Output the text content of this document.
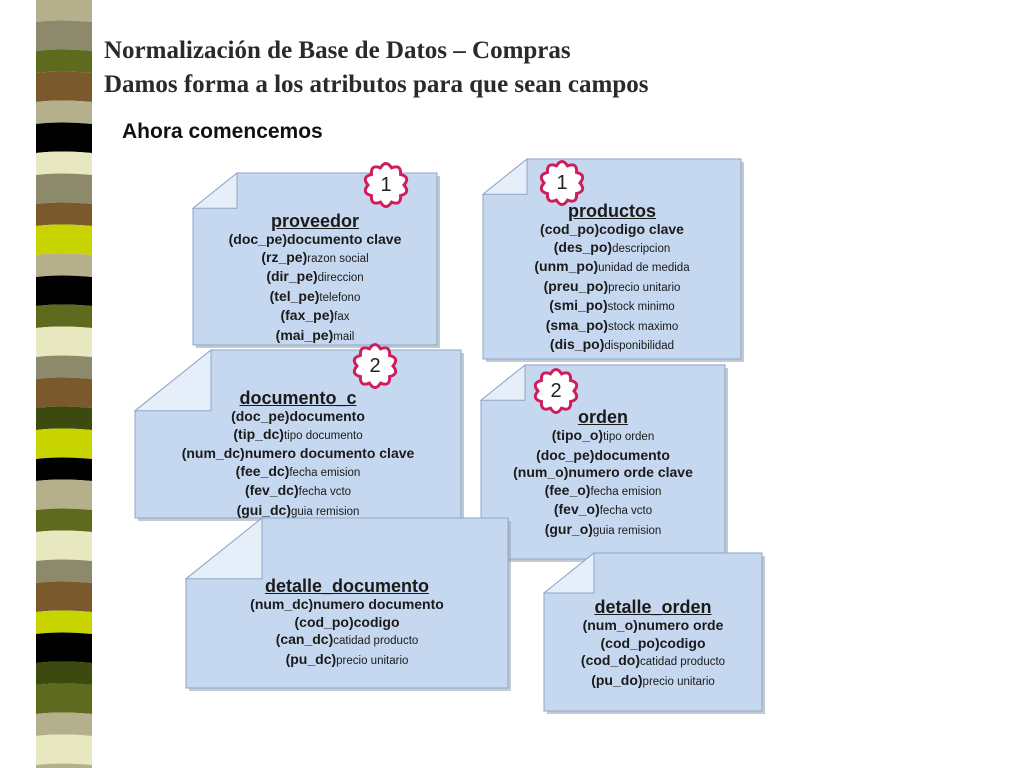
Normalización de Base de Datos – Compras
Damos forma a los atributos para que sean campos
Ahora comencemos
proveedor
(doc_pe)documento clave
(rz_pe)razon social
(dir_pe)direccion
(tel_pe)telefono
(fax_pe)fax
(mai_pe)mail
productos
(cod_po)codigo clave
(des_po)descripcion
(unm_po)unidad de medida
(preu_po)precio unitario
(smi_po)stock minimo
(sma_po)stock maximo
(dis_po)disponibilidad
documento_c
(doc_pe)documento
(tip_dc)tipo documento
(num_dc)numero documento clave
(fee_dc)fecha emision
(fev_dc)fecha vcto
(gui_dc)guia remision
orden
(tipo_o)tipo orden
(doc_pe)documento
(num_o)numero orde clave
(fee_o)fecha emision
(fev_o)fecha vcto
(gur_o)guia remision
detalle_documento
(num_dc)numero documento
(cod_po)codigo
(can_dc)catidad producto
(pu_dc)precio unitario
detalle_orden
(num_o)numero orde
(cod_po)codigo
(cod_do)catidad producto
(pu_do)precio unitario
1	1
2
2
